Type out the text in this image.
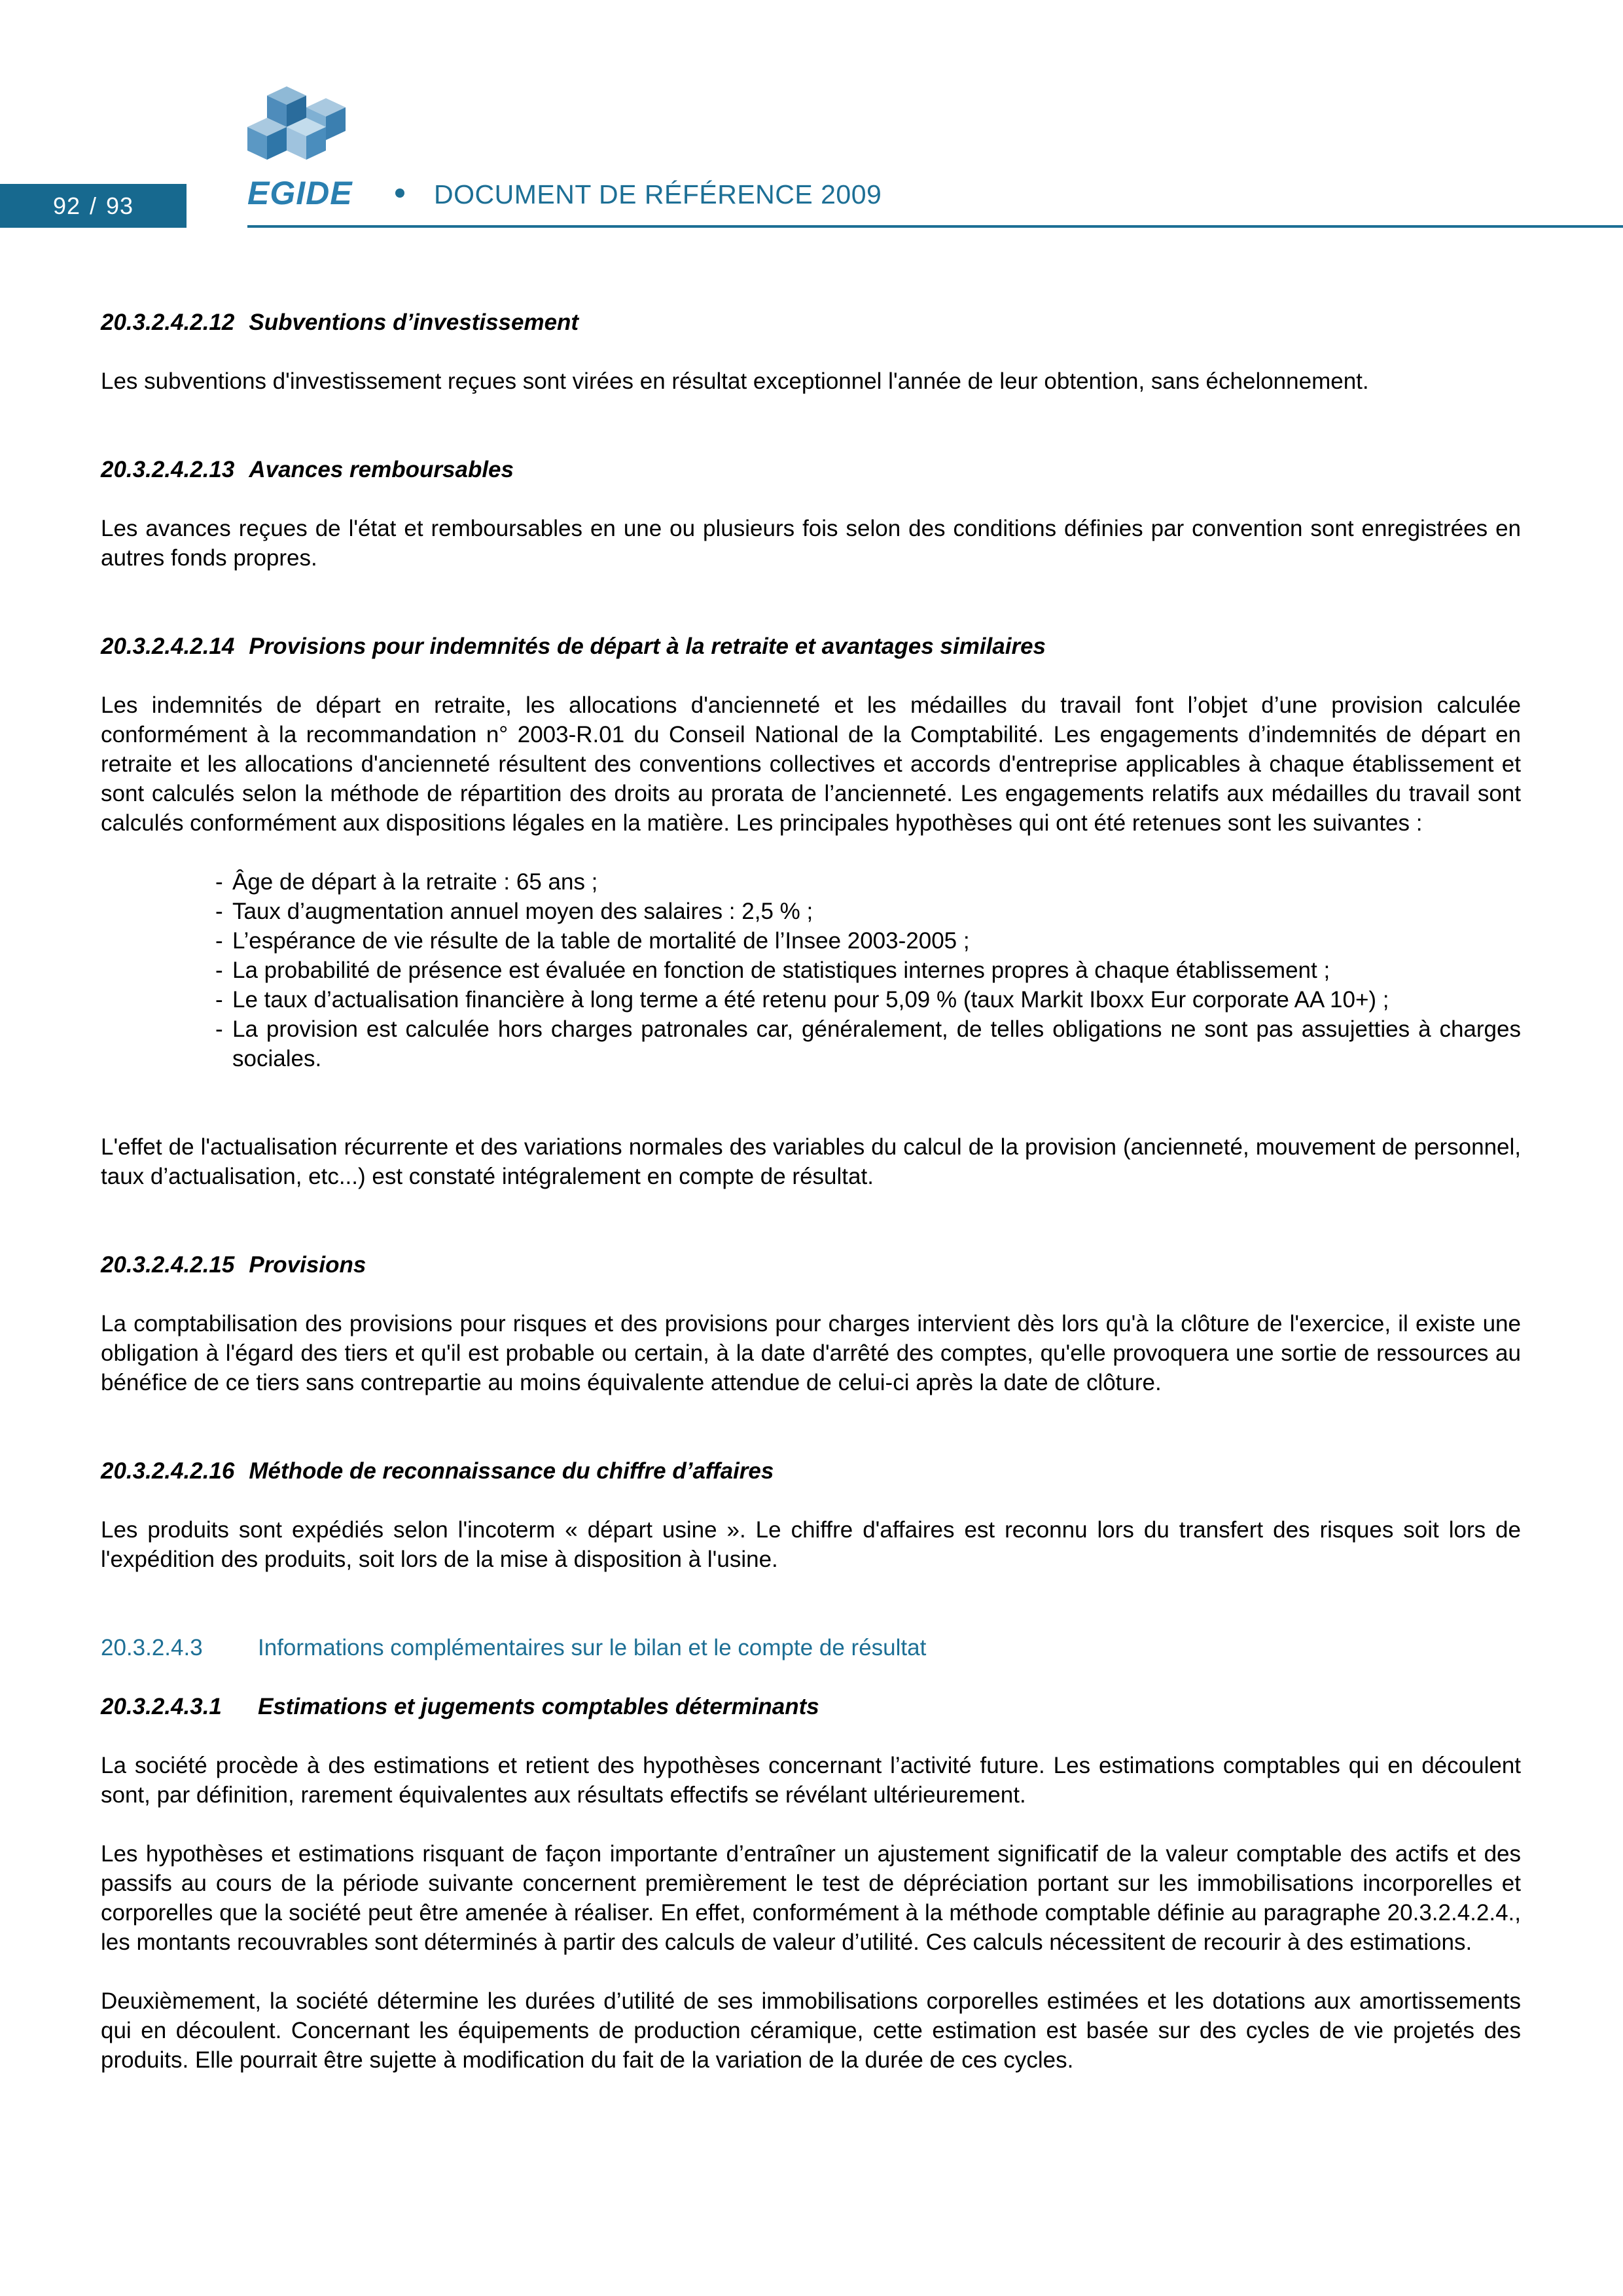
92 / 93	EGIDE	DOCUMENT DE RÉFÉRENCE 2009
20.3.2.4.2.12 Subventions d’investissement

Les subventions d'investissement reçues sont virées en résultat exceptionnel l'année de leur obtention, sans échelonnement.

20.3.2.4.2.13 Avances remboursables

Les avances reçues de l'état et remboursables en une ou plusieurs fois selon des conditions définies par convention sont enregistrées en autres fonds propres.

20.3.2.4.2.14 Provisions pour indemnités de départ à la retraite et avantages similaires

Les indemnités de départ en retraite, les allocations d'ancienneté et les médailles du travail font l’objet d’une provision calculée conformément à la recommandation n° 2003-R.01 du Conseil National de la Comptabilité. Les engagements d’indemnités de départ en retraite et les allocations d'ancienneté résultent des conventions collectives et accords d'entreprise applicables à chaque établissement et sont calculés selon la méthode de répartition des droits au prorata de l’ancienneté. Les engagements relatifs aux médailles du travail sont calculés conformément aux dispositions légales en la matière. Les principales hypothèses qui ont été retenues sont les suivantes :

- Âge de départ à la retraite : 65 ans ;
- Taux d’augmentation annuel moyen des salaires : 2,5 % ;
- L’espérance de vie résulte de la table de mortalité de l’Insee 2003-2005 ;
- La probabilité de présence est évaluée en fonction de statistiques internes propres à chaque établissement ;
- Le taux d’actualisation financière à long terme a été retenu pour 5,09 % (taux Markit Iboxx Eur corporate AA 10+) ;
- La provision est calculée hors charges patronales car, généralement, de telles obligations ne sont pas assujetties à charges sociales.

L'effet de l'actualisation récurrente et des variations normales des variables du calcul de la provision (ancienneté, mouvement de personnel, taux d’actualisation, etc...) est constaté intégralement en compte de résultat.

20.3.2.4.2.15 Provisions

La comptabilisation des provisions pour risques et des provisions pour charges intervient dès lors qu'à la clôture de l'exercice, il existe une obligation à l'égard des tiers et qu'il est probable ou certain, à la date d'arrêté des comptes, qu'elle provoquera une sortie de ressources au bénéfice de ce tiers sans contrepartie au moins équivalente attendue de celui-ci après la date de clôture.

20.3.2.4.2.16 Méthode de reconnaissance du chiffre d’affaires

Les produits sont expédiés selon l'incoterm « départ usine ». Le chiffre d'affaires est reconnu lors du transfert des risques soit lors de l'expédition des produits, soit lors de la mise à disposition à l'usine.

20.3.2.4.3 Informations complémentaires sur le bilan et le compte de résultat
20.3.2.4.3.1 Estimations et jugements comptables déterminants

La société procède à des estimations et retient des hypothèses concernant l’activité future. Les estimations comptables qui en découlent sont, par définition, rarement équivalentes aux résultats effectifs se révélant ultérieurement.

Les hypothèses et estimations risquant de façon importante d’entraîner un ajustement significatif de la valeur comptable des actifs et des passifs au cours de la période suivante concernent premièrement le test de dépréciation portant sur les immobilisations incorporelles et corporelles que la société peut être amenée à réaliser. En effet, conformément à la méthode comptable définie au paragraphe 20.3.2.4.2.4., les montants recouvrables sont déterminés à partir des calculs de valeur d’utilité. Ces calculs nécessitent de recourir à des estimations.

Deuxièmement, la société détermine les durées d’utilité de ses immobilisations corporelles estimées et les dotations aux amortissements qui en découlent. Concernant les équipements de production céramique, cette estimation est basée sur des cycles de vie projetés des produits. Elle pourrait être sujette à modification du fait de la variation de la durée de ces cycles.
